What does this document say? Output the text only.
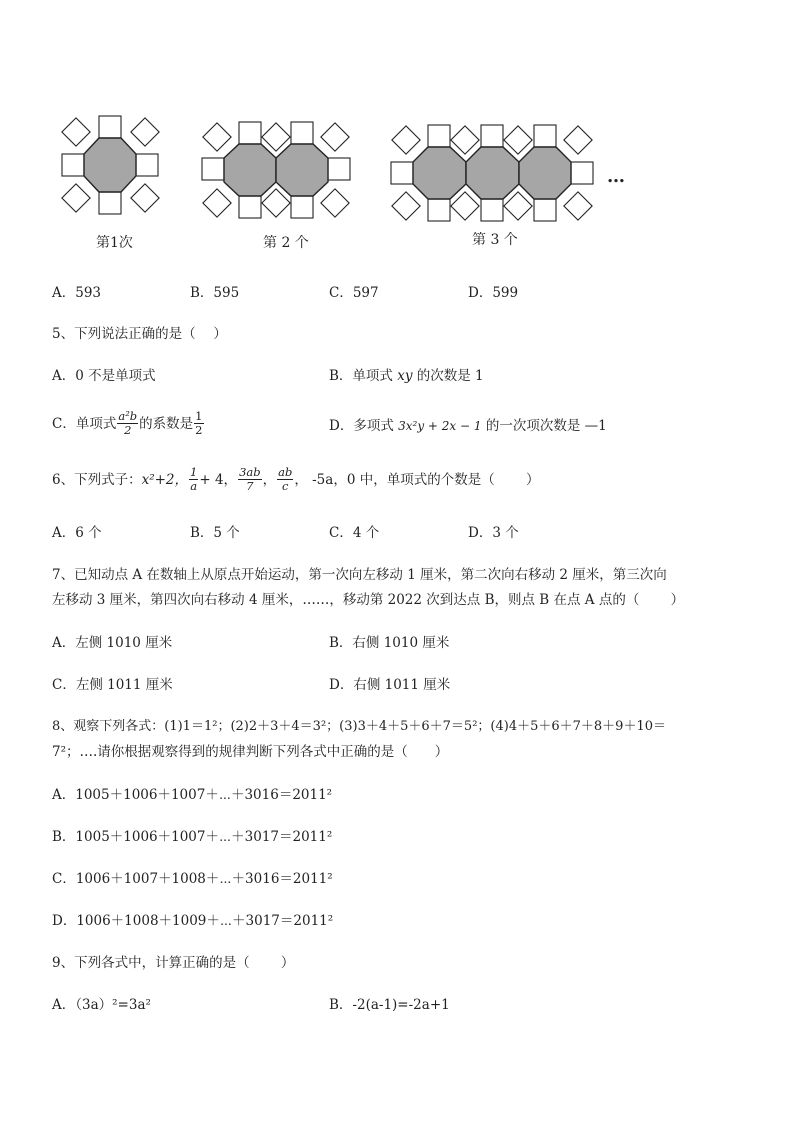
…
第1次	第 2 个	第 3 个
A．593	B．595	C．597	D．599
5、下列说法正确的是（　 ）
A．0 不是单项式	B．单项式 xy 的次数是 1
C．单项式 $\frac{\text{a²b}}{2}$ 的系数是 $\frac{1}{2}$	D．多项式 3x²y + 2x − 1 的一次项次数是 —1
6、下列式子： x²+2， $\frac{1}{a} + 4$， $\frac{3ab}{7}$ ， $\frac{ab}{c}$ ， -5a，0 中，单项式的个数是（　　 ）
A．6 个	B．5 个	C．4 个	D．3 个
7、已知动点 A 在数轴上从原点开始运动，第一次向左移动 1 厘米，第二次向右移动 2 厘米，第三次向
左移动 3 厘米，第四次向右移动 4 厘米，……，移动第 2022 次到达点 B，则点 B 在点 A 点的（　　 ）
A．左侧 1010 厘米	B．右侧 1010 厘米
C．左侧 1011 厘米	D．右侧 1011 厘米
8、观察下列各式：(1)1＝1²；(2)2＋3＋4＝3²；(3)3＋4＋5＋6＋7＝5²；(4)4＋5＋6＋7＋8＋9＋10＝
7²；….请你根据观察得到的规律判断下列各式中正确的是（　　）
A．1005＋1006＋1007＋⋯＋3016＝2011²
B．1005＋1006＋1007＋⋯＋3017＝2011²
C．1006＋1007＋1008＋⋯＋3016＝2011²
D．1006＋1008＋1009＋⋯＋3017＝2011²
9、下列各式中，计算正确的是（　　 ）
A．（3a）²=3a²	B．-2(a-1)=-2a+1
